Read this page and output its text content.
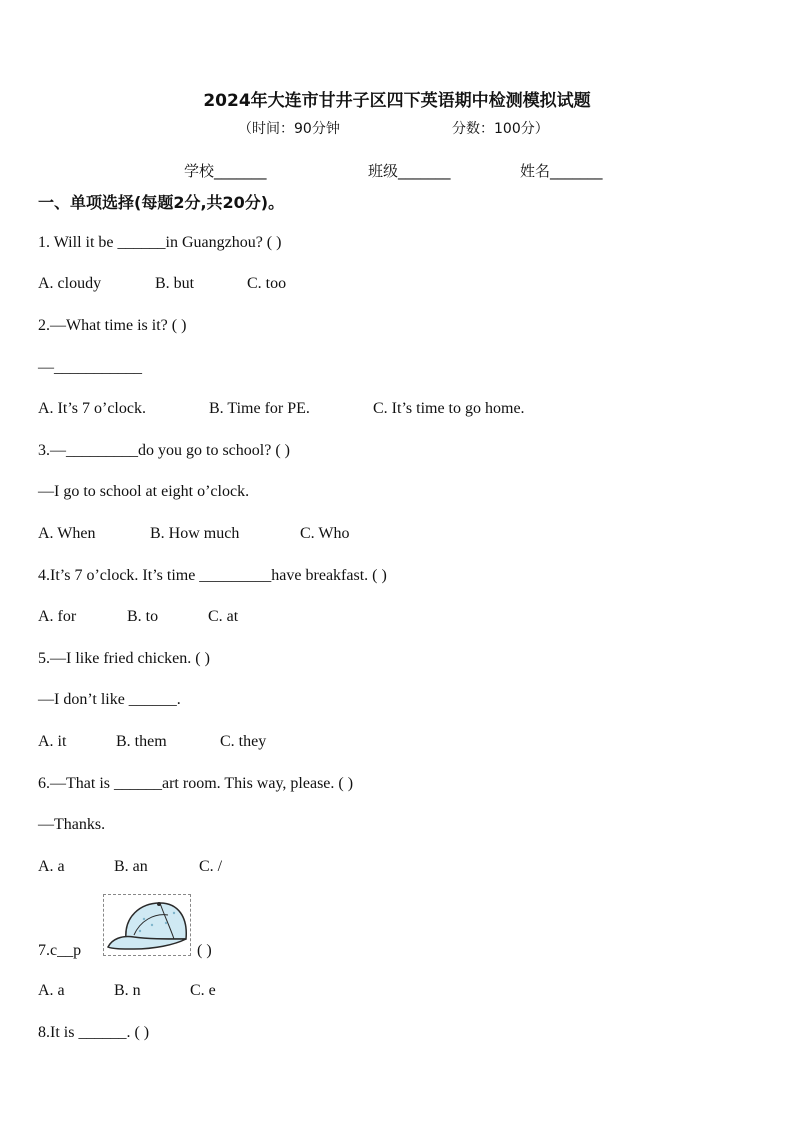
2024年大连市甘井子区四下英语期中检测模拟试题
（时间：90分钟	分数：100分）
学校_______	班级_______	姓名_______
一、单项选择(每题2分,共20分)。
1. Will it be ______in Guangzhou? ( )
A. cloudy	B. but	C. too
2.—What time is it? ( )
—___________
A. It’s 7 o’clock.	B. Time for PE.	C. It’s time to go home.
3.—_________do you go to school? ( )
—I go to school at eight o’clock.
A. When	B. How much	C. Who
4.It’s 7 o’clock. It’s time _________have breakfast. ( )
A. for	B. to	C. at
5.—I like fried chicken. ( )
—I don’t like ______.
A. it	B. them	C. they
6.—That is ______art room. This way, please. ( )
—Thanks.
A. a	B. an	C. /
7.c__p	( )
A. a	B. n	C. e
8.It is ______. ( )
